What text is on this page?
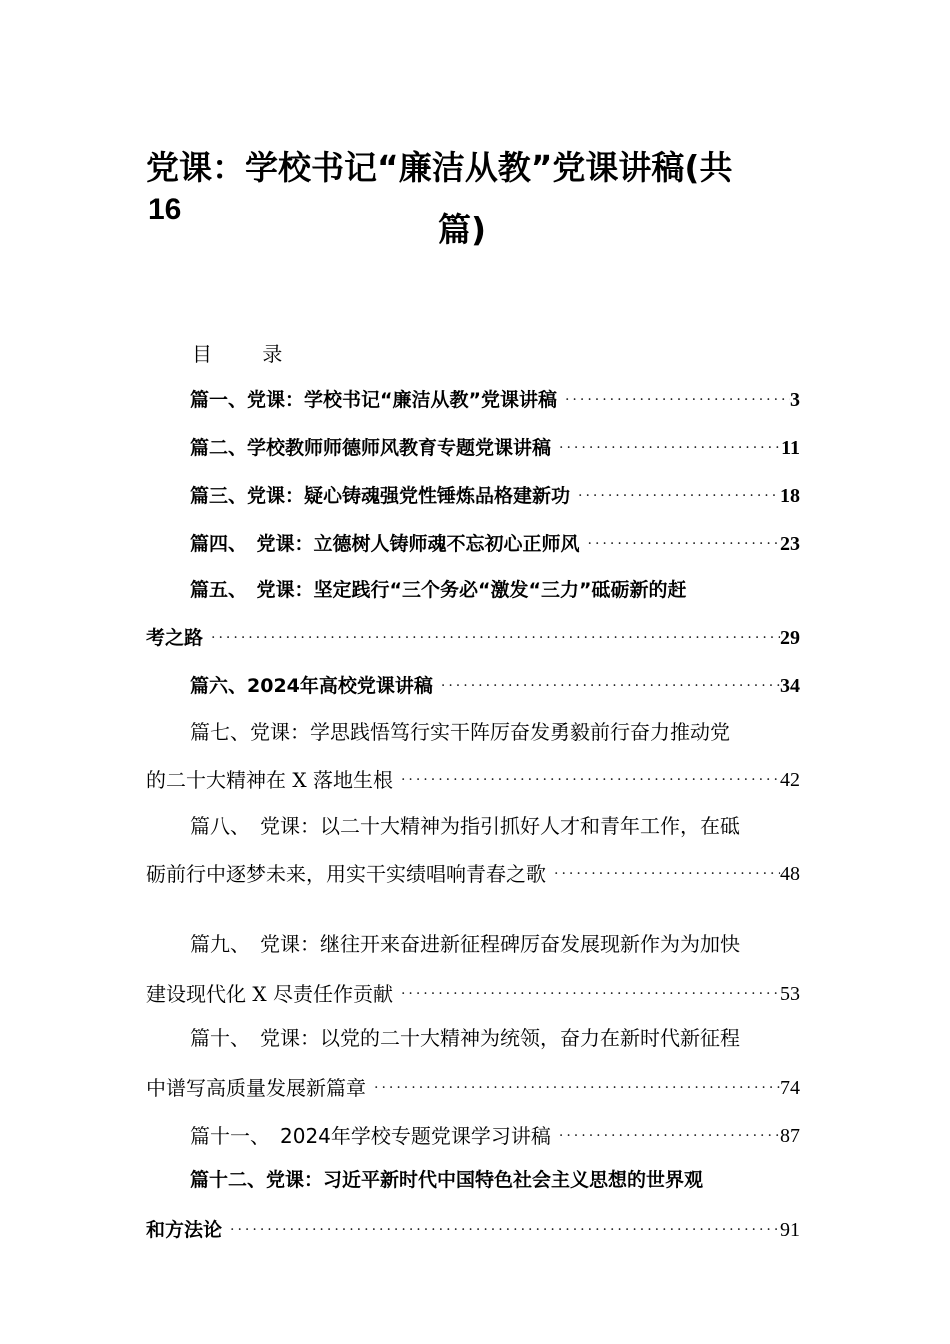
党课：学校书记“廉洁从教”党课讲稿(共
16
篇)
目 录
篇一、党课：学校书记“廉洁从教”党课讲稿 .....	3
篇二、学校教师师德师风教育专题党课讲稿 .....	11
篇三、党课：疑心铸魂强党性锤炼品格建新功 .....	18
篇四、　党课：立德树人铸师魂不忘初心正师风 .....	23
篇五、　党课：坚定践行“三个务必“激发“三力”砥砺新的赶
考之路 .....	29
篇六、2024年高校党课讲稿 .....	34
篇七、党课：学思践悟笃行实干阵厉奋发勇毅前行奋力推动党
的二十大精神在 X 落地生根 .....	42
篇八、　党课：以二十大精神为指引抓好人才和青年工作，在砥
砺前行中逐梦未来，用实干实绩唱响青春之歌 .....	48
篇九、　党课：继往开来奋进新征程碑厉奋发展现新作为为加快
建设现代化 X 尽责任作贡献 .....	53
篇十、　党课：以党的二十大精神为统领，奋力在新时代新征程
中谱写高质量发展新篇章 .....	74
篇十一、　2024年学校专题党课学习讲稿 .....	87
篇十二、党课：习近平新时代中国特色社会主义思想的世界观
和方法论 .....	91
